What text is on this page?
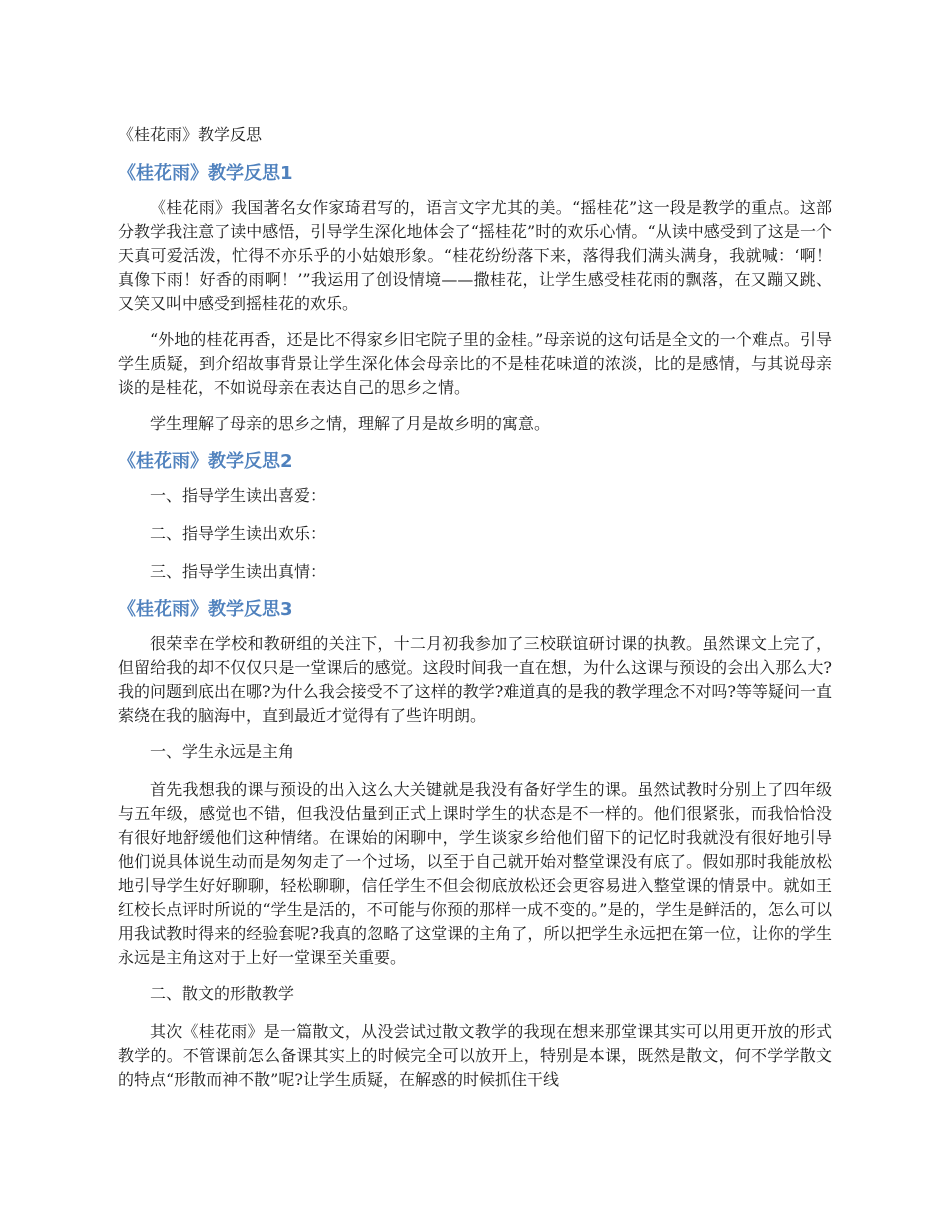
《桂花雨》教学反思
《桂花雨》教学反思1

《桂花雨》我国著名女作家琦君写的，语言文字尤其的美。“摇桂花”这一段是教学的重点。这部分教学我注意了读中感悟，引导学生深化地体会了“摇桂花”时的欢乐心情。“从读中感受到了这是一个天真可爱活泼，忙得不亦乐乎的小姑娘形象。“桂花纷纷落下来，落得我们满头满身，我就喊：‘啊！真像下雨！好香的雨啊！’”我运用了创设情境——撒桂花，让学生感受桂花雨的飘落，在又蹦又跳、又笑又叫中感受到摇桂花的欢乐。

“外地的桂花再香，还是比不得家乡旧宅院子里的金桂。”母亲说的这句话是全文的一个难点。引导学生质疑，到介绍故事背景让学生深化体会母亲比的不是桂花味道的浓淡，比的是感情，与其说母亲谈的是桂花，不如说母亲在表达自己的思乡之情。

学生理解了母亲的思乡之情，理解了月是故乡明的寓意。

《桂花雨》教学反思2

一、指导学生读出喜爱：

二、指导学生读出欢乐：

三、指导学生读出真情：

《桂花雨》教学反思3

很荣幸在学校和教研组的关注下，十二月初我参加了三校联谊研讨课的执教。虽然课文上完了，但留给我的却不仅仅只是一堂课后的感觉。这段时间我一直在想，为什么这课与预设的会出入那么大?我的问题到底出在哪?为什么我会接受不了这样的教学?难道真的是我的教学理念不对吗?等等疑问一直萦绕在我的脑海中，直到最近才觉得有了些许明朗。

一、学生永远是主角

首先我想我的课与预设的出入这么大关键就是我没有备好学生的课。虽然试教时分别上了四年级与五年级，感觉也不错，但我没估量到正式上课时学生的状态是不一样的。他们很紧张，而我恰恰没有很好地舒缓他们这种情绪。在课始的闲聊中，学生谈家乡给他们留下的记忆时我就没有很好地引导他们说具体说生动而是匆匆走了一个过场，以至于自己就开始对整堂课没有底了。假如那时我能放松地引导学生好好聊聊，轻松聊聊，信任学生不但会彻底放松还会更容易进入整堂课的情景中。就如王红校长点评时所说的“学生是活的，不可能与你预的那样一成不变的。”是的，学生是鲜活的，怎么可以用我试教时得来的经验套呢?我真的忽略了这堂课的主角了，所以把学生永远把在第一位，让你的学生永远是主角这对于上好一堂课至关重要。

二、散文的形散教学

其次《桂花雨》是一篇散文，从没尝试过散文教学的我现在想来那堂课其实可以用更开放的形式教学的。不管课前怎么备课其实上的时候完全可以放开上，特别是本课，既然是散文，何不学学散文的特点“形散而神不散”呢?让学生质疑，在解惑的时候抓住干线
